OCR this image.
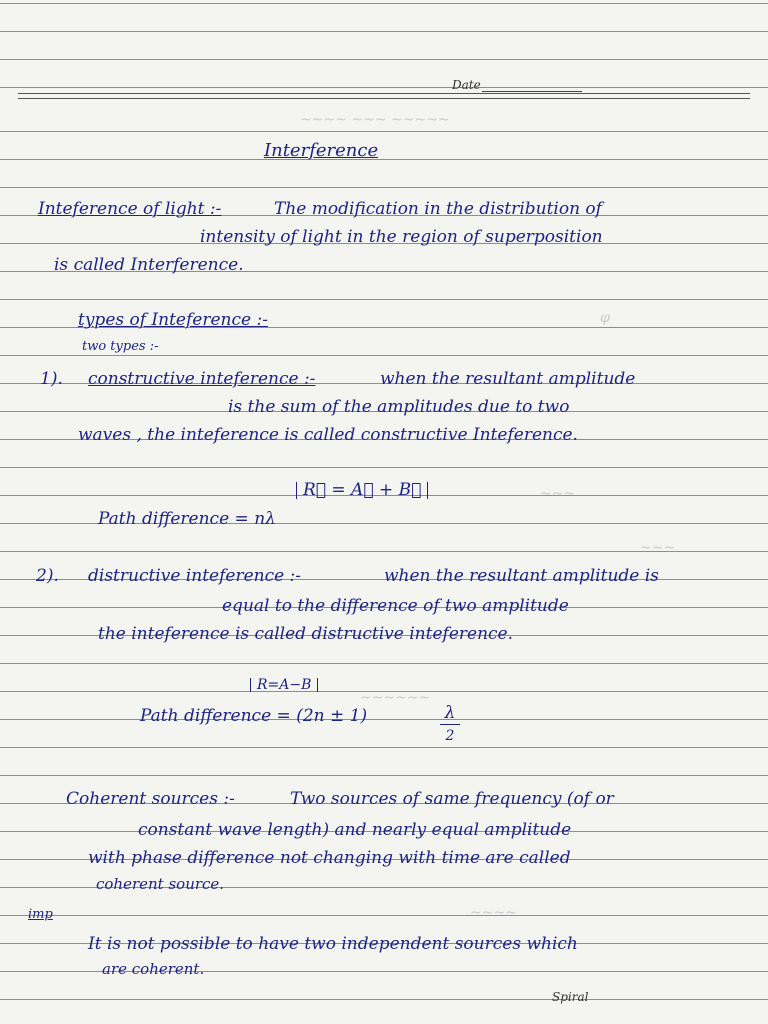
Date
~~~~ ~~~ ~~~~~
φ
~~~
~~~
~~~~~~
~~~~
Interference
Inteference of light :-	The modification in the distribution of
intensity of light in the region of superposition
is called Interference.
types of Inteference :-
two types :-
1). constructive inteference :-	when the resultant amplitude
is the sum of the amplitudes due to two
waves , the inteference is called constructive Inteference.
R⃗ = A⃗ + B⃗
Path difference = nλ
2). distructive inteference :-	when the resultant amplitude is
equal to the difference of two amplitude
the inteference is called distructive inteference.
R=A−B
Path difference = (2n ± 1)	λ
2
Coherent sources :-	Two sources of same frequency (of or
constant wave length) and nearly equal amplitude
with phase difference not changing with time are called
coherent source.
imp
It is not possible to have two independent sources which
are coherent.
Spiral
